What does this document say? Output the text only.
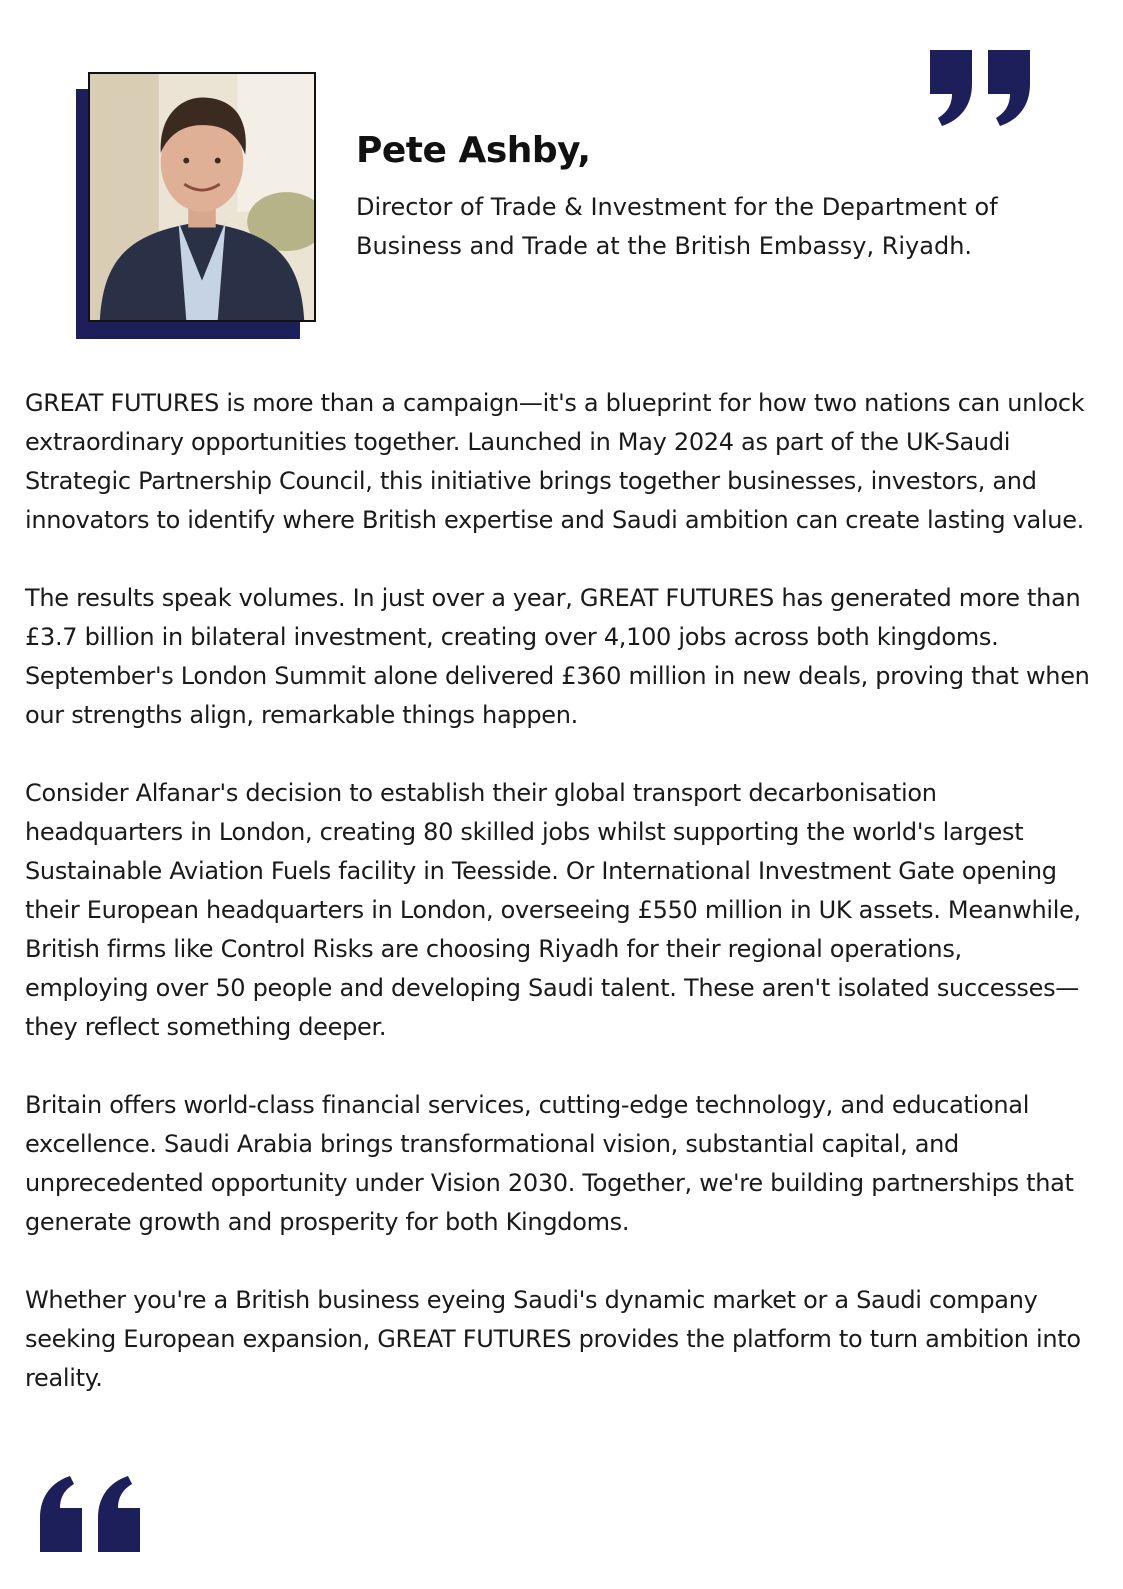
Pete Ashby,

Director of Trade & Investment for the Department of Business and Trade at the British Embassy, Riyadh.

GREAT FUTURES is more than a campaign—it's a blueprint for how two nations can unlock extraordinary opportunities together. Launched in May 2024 as part of the UK-Saudi Strategic Partnership Council, this initiative brings together businesses, investors, and innovators to identify where British expertise and Saudi ambition can create lasting value.

The results speak volumes. In just over a year, GREAT FUTURES has generated more than £3.7 billion in bilateral investment, creating over 4,100 jobs across both kingdoms. September's London Summit alone delivered £360 million in new deals, proving that when our strengths align, remarkable things happen.

Consider Alfanar's decision to establish their global transport decarbonisation headquarters in London, creating 80 skilled jobs whilst supporting the world's largest Sustainable Aviation Fuels facility in Teesside. Or International Investment Gate opening their European headquarters in London, overseeing £550 million in UK assets. Meanwhile, British firms like Control Risks are choosing Riyadh for their regional operations, employing over 50 people and developing Saudi talent. These aren't isolated successes—they reflect something deeper.

Britain offers world-class financial services, cutting-edge technology, and educational excellence. Saudi Arabia brings transformational vision, substantial capital, and unprecedented opportunity under Vision 2030. Together, we're building partnerships that generate growth and prosperity for both Kingdoms.

Whether you're a British business eyeing Saudi's dynamic market or a Saudi company seeking European expansion, GREAT FUTURES provides the platform to turn ambition into reality.
